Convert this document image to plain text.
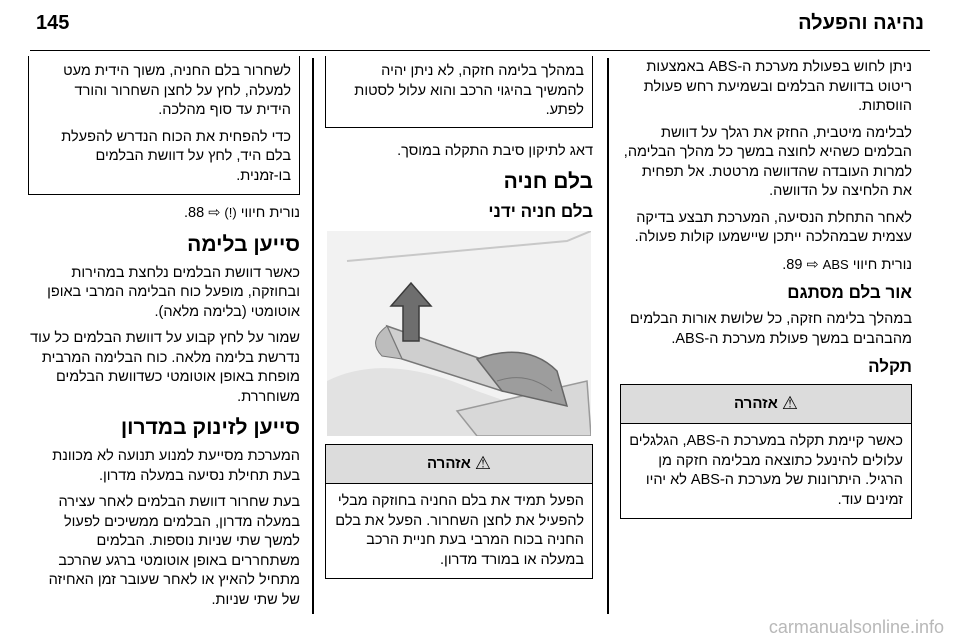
145	נהיגה והפעלה

ניתן לחוש בפעולת מערכת ה-ABS באמצעות ריטוט בדוושת הבלמים ובשמיעת רחש פעולת הווסתות.

לבלימה מיטבית, החזק את רגלך על דוושת הבלמים כשהיא לחוצה במשך כל מהלך הבלימה, למרות העובדה שהדוושה מרטטת. אל תפחית את הלחיצה על הדוושה.

לאחר התחלת הנסיעה, המערכת תבצע בדיקה עצמית שבמהלכה ייתכן שיישמעו קולות פעולה.

נורית חיווי ABS ⇨ 89.

אור בלם מסתגם

במהלך בלימה חזקה, כל שלושת אורות הבלמים מהבהבים במשך פעולת מערכת ה-ABS.

תקלה
⚠
אזהרה
כאשר קיימת תקלה במערכת ה-ABS, הגלגלים עלולים להינעל כתוצאה מבלימה חזקה מן הרגיל. היתרונות של מערכת ה-ABS לא יהיו זמינים עוד.
במהלך בלימה חזקה, לא ניתן יהיה להמשיך בהיגוי הרכב והוא עלול לסטות לפתע.

דאג לתיקון סיבת התקלה במוסך.

בלם חניה
בלם חניה ידני
⚠
אזהרה
הפעל תמיד את בלם החניה בחוזקה מבלי להפעיל את לחצן השחרור. הפעל את בלם החניה בכוח המרבי בעת חניית הרכב במעלה או במורד מדרון.

לשחרור בלם החניה, משוך הידית מעט למעלה, לחץ על לחצן השחרור והורד הידית עד סוף מהלכה.

כדי להפחית את הכוח הנדרש להפעלת בלם היד, לחץ על דוושת הבלמים בו-זמנית.

נורית חיווי (!) ⇨ 88.

סייען בלימה

כאשר דוושת הבלמים נלחצת במהירות ובחוזקה, מופעל כוח הבלימה המרבי באופן אוטומטי (בלימה מלאה).

שמור על לחץ קבוע על דוושת הבלמים כל עוד נדרשת בלימה מלאה. כוח הבלימה המרבית מופחת באופן אוטומטי כשדוושת הבלמים משוחררת.

סייען לזינוק במדרון

המערכת מסייעת למנוע תנועה לא מכוונת בעת תחילת נסיעה במעלה מדרון.

בעת שחרור דוושת הבלמים לאחר עצירה במעלה מדרון, הבלמים ממשיכים לפעול למשך שתי שניות נוספות. הבלמים משתחררים באופן אוטומטי ברגע שהרכב מתחיל להאיץ או לאחר שעובר זמן האחיזה של שתי שניות.

carmanualsonline.info
